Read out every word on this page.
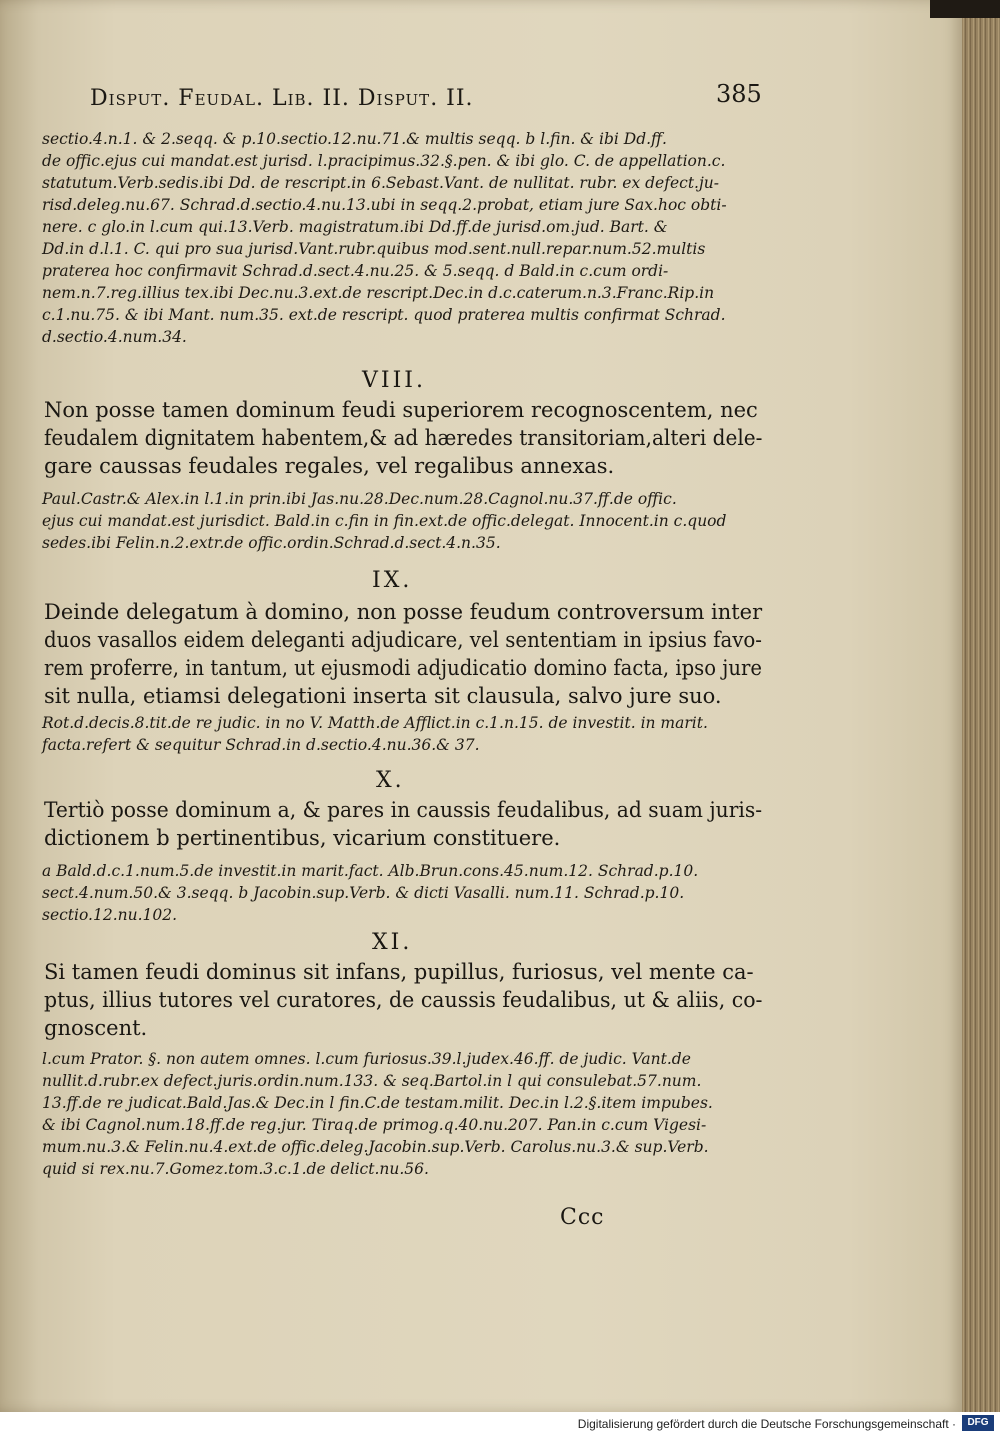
Disput. Feudal. Lib. II. Disput. II.	385
sectio.4.n.1. & 2.seqq. & p.10.sectio.12.nu.71.& multis seqq. b l.fin. & ibi Dd.ff.
de offic.ejus cui mandat.est jurisd. l.pracipimus.32.§.pen. & ibi glo. C. de appellation.c.
statutum.Verb.sedis.ibi Dd. de rescript.in 6.Sebast.Vant. de nullitat. rubr. ex defect.ju-
risd.deleg.nu.67. Schrad.d.sectio.4.nu.13.ubi in seqq.2.probat, etiam jure Sax.hoc obti-
nere. c glo.in l.cum qui.13.Verb. magistratum.ibi Dd.ff.de jurisd.om.jud. Bart. &
Dd.in d.l.1. C. qui pro sua jurisd.Vant.rubr.quibus mod.sent.null.repar.num.52.multis
praterea hoc confirmavit Schrad.d.sect.4.nu.25. & 5.seqq. d Bald.in c.cum ordi-
nem.n.7.reg.illius tex.ibi Dec.nu.3.ext.de rescript.Dec.in d.c.caterum.n.3.Franc.Rip.in
c.1.nu.75. & ibi Mant. num.35. ext.de rescript. quod praterea multis confirmat Schrad.
d.sectio.4.num.34.
VIII.
Non posse tamen dominum feudi superiorem recognoscentem, nec
feudalem dignitatem habentem,& ad hæredes transitoriam,alteri dele-
gare caussas feudales regales, vel regalibus annexas.
Paul.Castr.& Alex.in l.1.in prin.ibi Jas.nu.28.Dec.num.28.Cagnol.nu.37.ff.de offic.
ejus cui mandat.est jurisdict. Bald.in c.fin in fin.ext.de offic.delegat. Innocent.in c.quod
sedes.ibi Felin.n.2.extr.de offic.ordin.Schrad.d.sect.4.n.35.
IX.
Deinde delegatum à domino, non posse feudum controversum inter
duos vasallos eidem deleganti adjudicare, vel sententiam in ipsius favo-
rem proferre, in tantum, ut ejusmodi adjudicatio domino facta, ipso jure
sit nulla, etiamsi delegationi inserta sit clausula, salvo jure suo.
Rot.d.decis.8.tit.de re judic. in no V. Matth.de Afflict.in c.1.n.15. de investit. in marit.
facta.refert & sequitur Schrad.in d.sectio.4.nu.36.& 37.
X.
Tertiò posse dominum a, & pares in caussis feudalibus, ad suam juris-
dictionem b pertinentibus, vicarium constituere.
a Bald.d.c.1.num.5.de investit.in marit.fact. Alb.Brun.cons.45.num.12. Schrad.p.10.
sect.4.num.50.& 3.seqq. b Jacobin.sup.Verb. & dicti Vasalli. num.11. Schrad.p.10.
sectio.12.nu.102.
XI.
Si tamen feudi dominus sit infans, pupillus, furiosus, vel mente ca-
ptus, illius tutores vel curatores, de caussis feudalibus, ut & aliis, co-
gnoscent.
l.cum Prator. §. non autem omnes. l.cum furiosus.39.l.judex.46.ff. de judic. Vant.de
nullit.d.rubr.ex defect.juris.ordin.num.133. & seq.Bartol.in l qui consulebat.57.num.
13.ff.de re judicat.Bald.Jas.& Dec.in l fin.C.de testam.milit. Dec.in l.2.§.item impubes.
& ibi Cagnol.num.18.ff.de reg.jur. Tiraq.de primog.q.40.nu.207. Pan.in c.cum Vigesi-
mum.nu.3.& Felin.nu.4.ext.de offic.deleg.Jacobin.sup.Verb. Carolus.nu.3.& sup.Verb.
quid si rex.nu.7.Gomez.tom.3.c.1.de delict.nu.56.
Ccc
Digitalisierung gefördert durch die Deutsche Forschungsgemeinschaft ·	DFG
